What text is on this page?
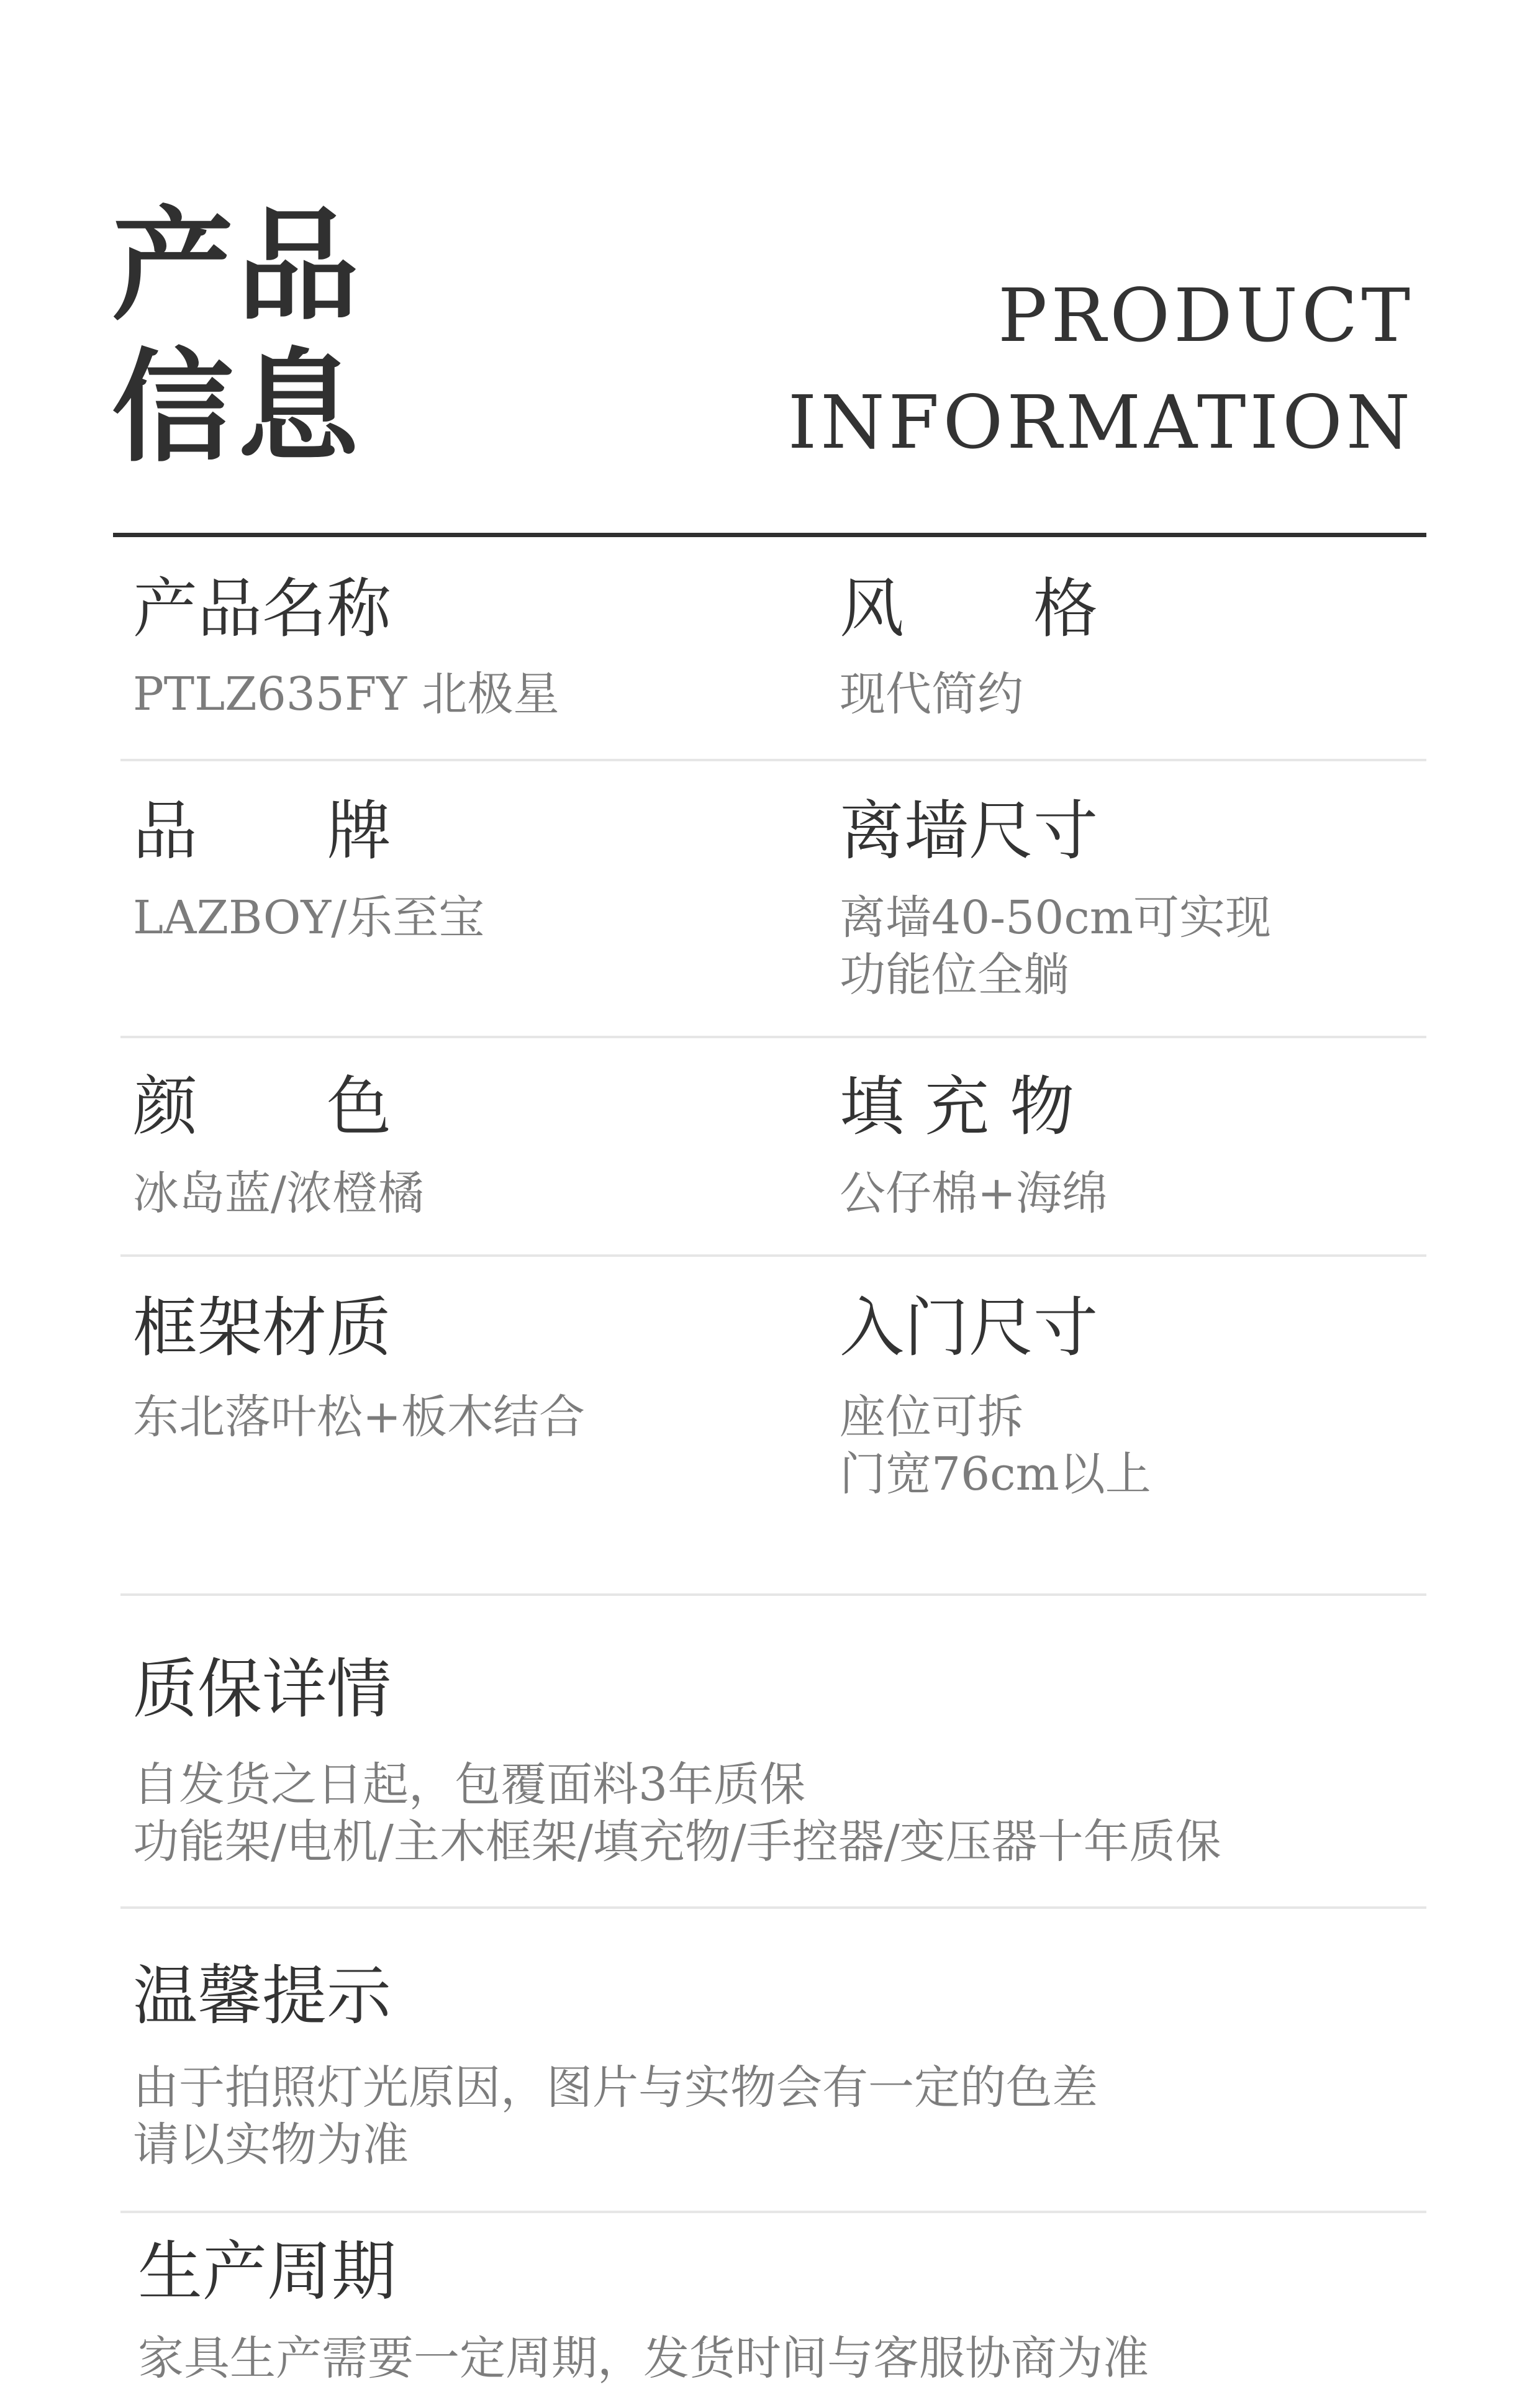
产品
信息
PRODUCT
INFORMATION
产品名称
PTLZ635FY 北极星
风　　格
现代简约
品　　牌
LAZBOY/乐至宝
离墙尺寸
离墙40-50cm可实现
功能位全躺
颜　　色
冰岛蓝/浓橙橘
填 充 物
公仔棉+海绵
框架材质
东北落叶松+板木结合
入门尺寸
座位可拆
门宽76cm以上
质保详情
自发货之日起，包覆面料3年质保
功能架/电机/主木框架/填充物/手控器/变压器十年质保
温馨提示
由于拍照灯光原因，图片与实物会有一定的色差
请以实物为准
生产周期
家具生产需要一定周期，发货时间与客服协商为准
